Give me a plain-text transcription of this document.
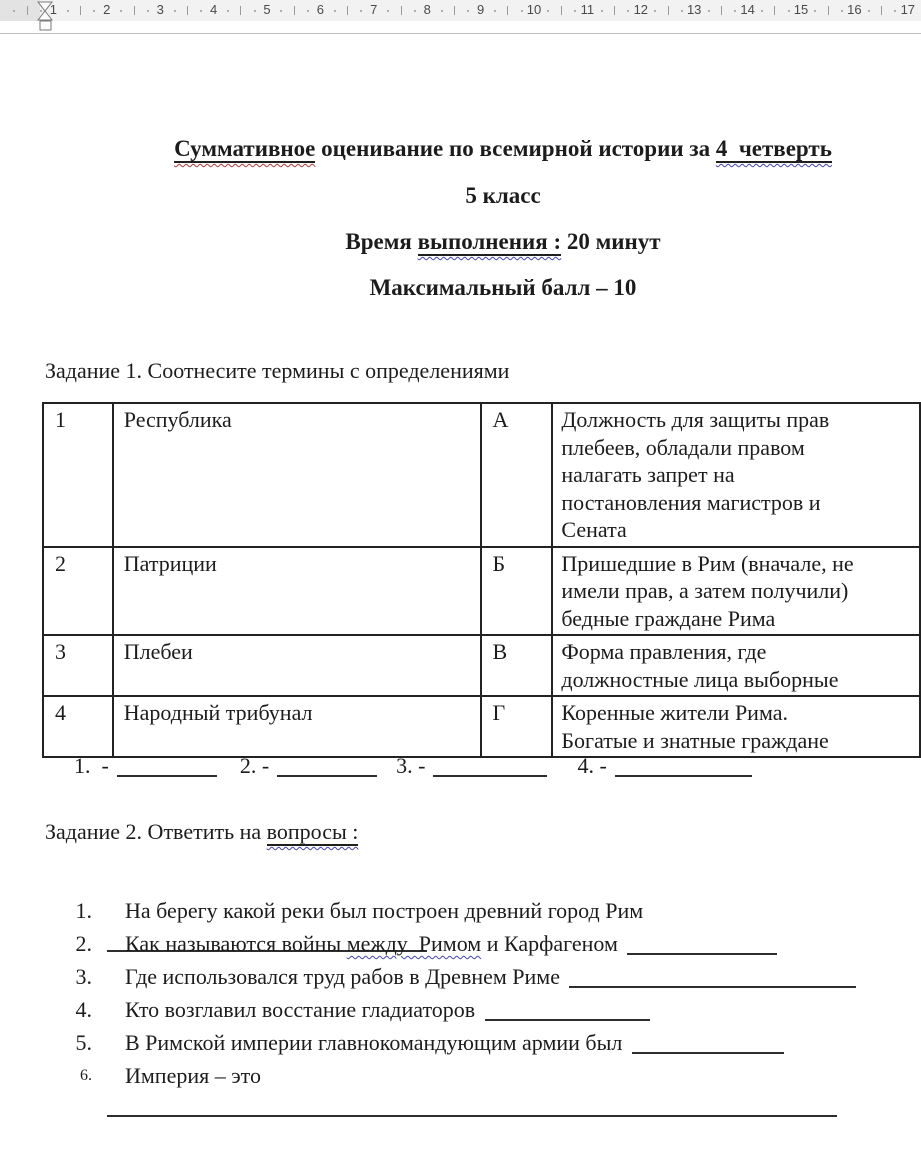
1	2	3	4	5	6	7	8	9	10	11	12	13	14	15	16	17
Суммативное оценивание по всемирной истории за 4  четверть
5 класс
Время выполнения : 20 минут
Максимальный балл – 10
Задание 1. Соотнесите термины с определениями
1	Республика	А	Должность для защиты прав
плебеев, обладали правом
налагать запрет на
постановления магистров и
Сената
2	Патриции	Б	Пришедшие в Рим (вначале, не
имели прав, а затем получили)
бедные граждане Рима
3	Плебеи	В	Форма правления, где
должностные лица выборные
4	Народный трибунал	Г	Коренные жители Рима.
Богатые и знатные граждане
1.  -	2. -	3. -	4. -
Задание 2. Ответить на вопросы :

1. На берегу какой реки был построен древний город Рим

2. Как называются войны между  Римом и Карфагеном

3. Где использовался труд рабов в Древнем Риме

4. Кто возглавил восстание гладиаторов

5. В Римской империи главнокомандующим армии был

6. Империя – это
